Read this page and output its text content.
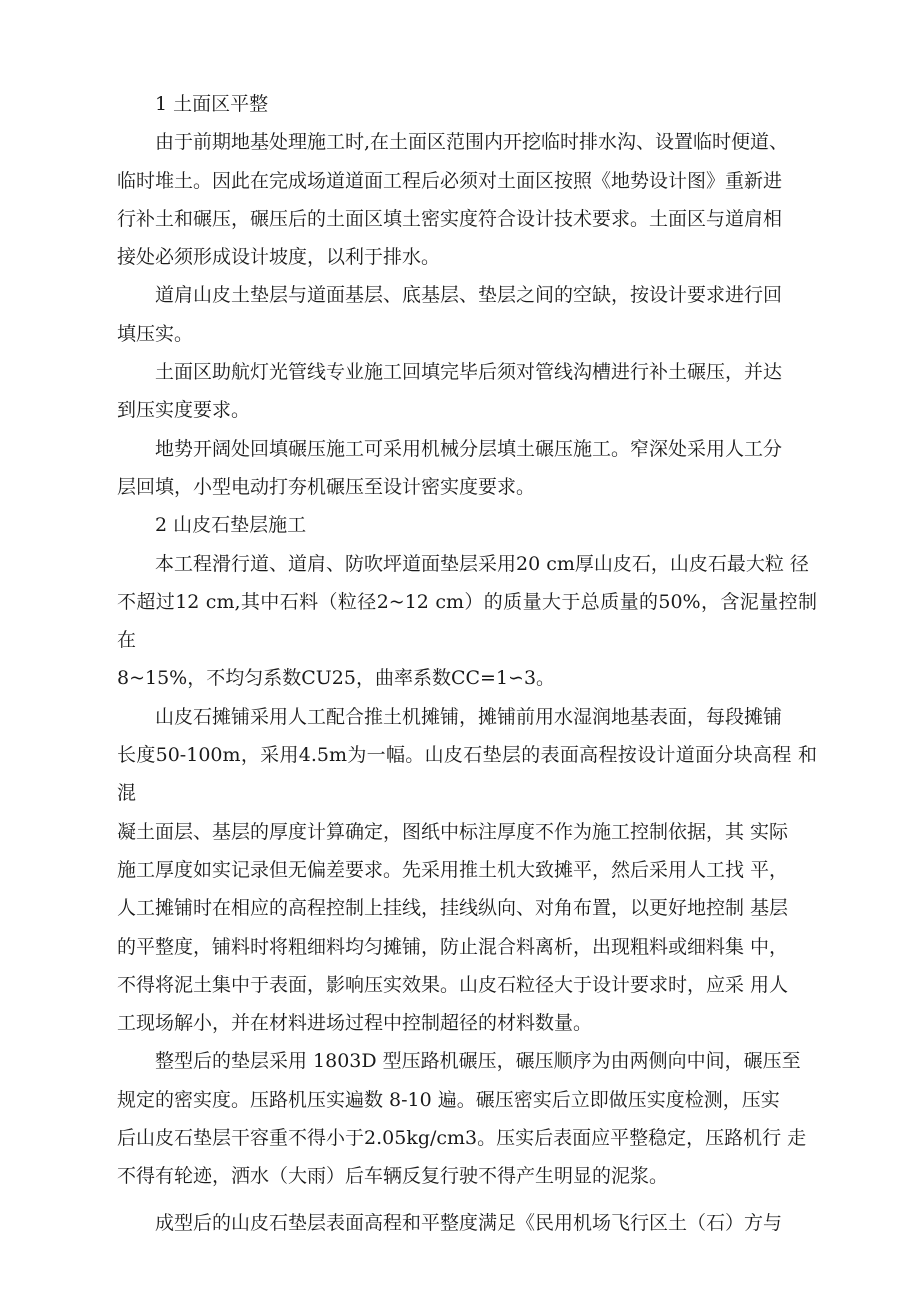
1 土面区平整

由于前期地基处理施工时,在土面区范围内开挖临时排水沟、设置临时便道、
临时堆土。因此在完成场道道面工程后必须对土面区按照《地势设计图》重新进
行补土和碾压，碾压后的土面区填土密实度符合设计技术要求。土面区与道肩相
接处必须形成设计坡度，以利于排水。

道肩山皮土垫层与道面基层、底基层、垫层之间的空缺，按设计要求进行回
填压实。

土面区助航灯光管线专业施工回填完毕后须对管线沟槽进行补土碾压，并达
到压实度要求。

地势开阔处回填碾压施工可采用机械分层填土碾压施工。窄深处采用人工分
层回填，小型电动打夯机碾压至设计密实度要求。

2 山皮石垫层施工

本工程滑行道、道肩、防吹坪道面垫层采用20 cm厚山皮石，山皮石最大粒 径
不超过12 cm,其中石料（粒径2~12 cm）的质量大于总质量的50%，含泥量控制 在
8~15%，不均匀系数CU25，曲率系数CC=1∽3。

山皮石摊铺采用人工配合推土机摊铺，摊铺前用水湿润地基表面，每段摊铺
长度50-100m，采用4.5m为一幅。山皮石垫层的表面高程按设计道面分块高程 和混
凝土面层、基层的厚度计算确定，图纸中标注厚度不作为施工控制依据，其 实际
施工厚度如实记录但无偏差要求。先采用推土机大致摊平，然后采用人工找 平，
人工摊铺时在相应的高程控制上挂线，挂线纵向、对角布置，以更好地控制 基层
的平整度，铺料时将粗细料均匀摊铺，防止混合料离析，出现粗料或细料集 中，
不得将泥土集中于表面，影响压实效果。山皮石粒径大于设计要求时，应采 用人
工现场解小，并在材料进场过程中控制超径的材料数量。

整型后的垫层采用 1803D 型压路机碾压，碾压顺序为由两侧向中间，碾压至
规定的密实度。压路机压实遍数 8-10 遍。碾压密实后立即做压实度检测，压实
后山皮石垫层干容重不得小于2.05kg/cm3。压实后表面应平整稳定，压路机行 走
不得有轮迹，洒水（大雨）后车辆反复行驶不得产生明显的泥浆。

成型后的山皮石垫层表面高程和平整度满足《民用机场飞行区土（石）方与
